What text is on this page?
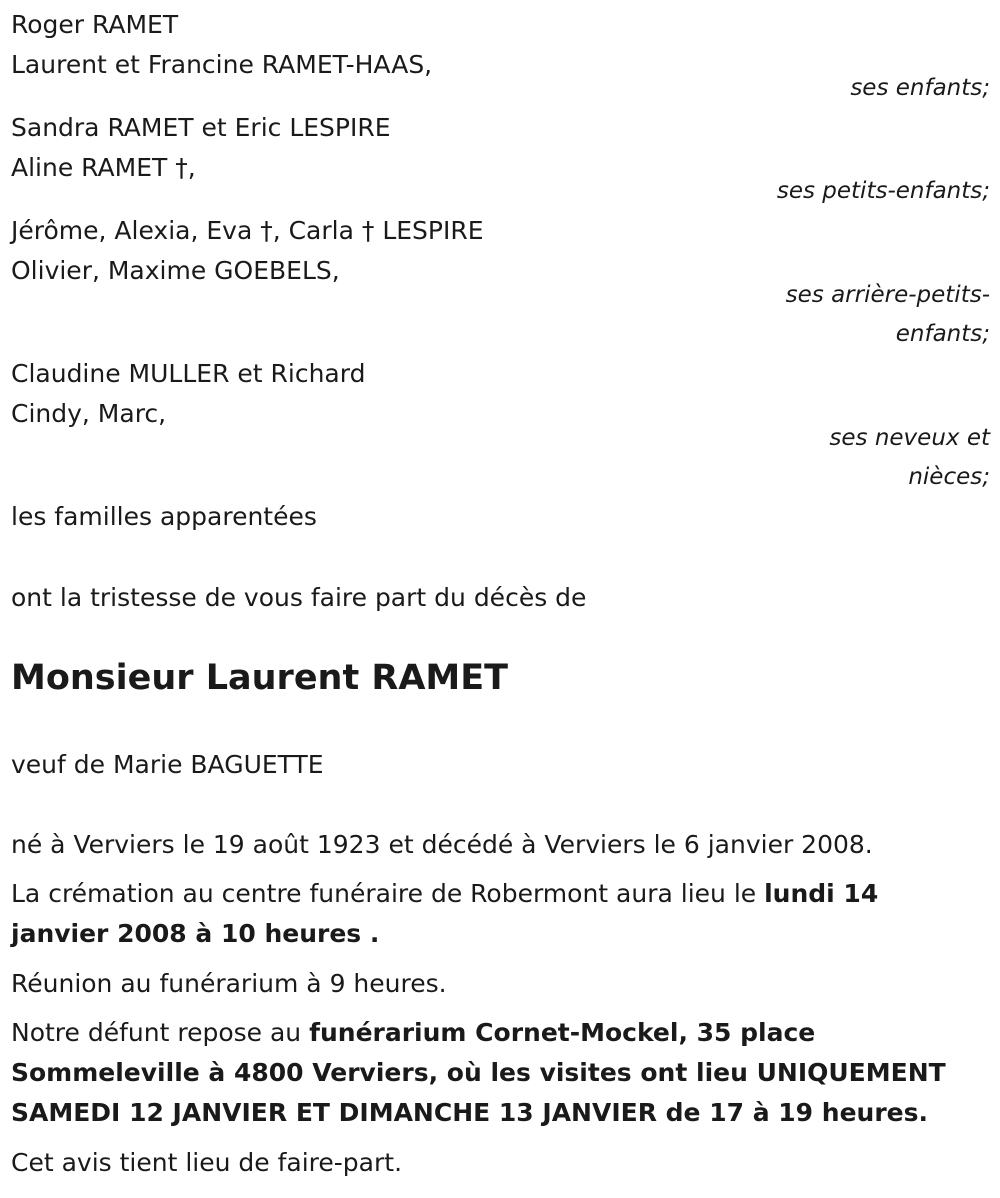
Roger RAMET
Laurent et Francine RAMET-HAAS,
ses enfants;
Sandra RAMET et Eric LESPIRE
Aline RAMET †,
ses petits-enfants;
Jérôme, Alexia, Eva †, Carla † LESPIRE
Olivier, Maxime GOEBELS,
ses arrière-petits-
enfants;
Claudine MULLER et Richard
Cindy, Marc,
ses neveux et
nièces;
les familles apparentées
ont la tristesse de vous faire part du décès de
Monsieur Laurent RAMET
veuf de Marie BAGUETTE
né à Verviers le 19 août 1923 et décédé à Verviers le 6 janvier 2008.
La crémation au centre funéraire de Robermont aura lieu le lundi 14
janvier 2008 à 10 heures .
Réunion au funérarium à 9 heures.
Notre défunt repose au funérarium Cornet-Mockel, 35 place
Sommeleville à 4800 Verviers, où les visites ont lieu UNIQUEMENT
SAMEDI 12 JANVIER ET DIMANCHE 13 JANVIER de 17 à 19 heures.
Cet avis tient lieu de faire-part.
